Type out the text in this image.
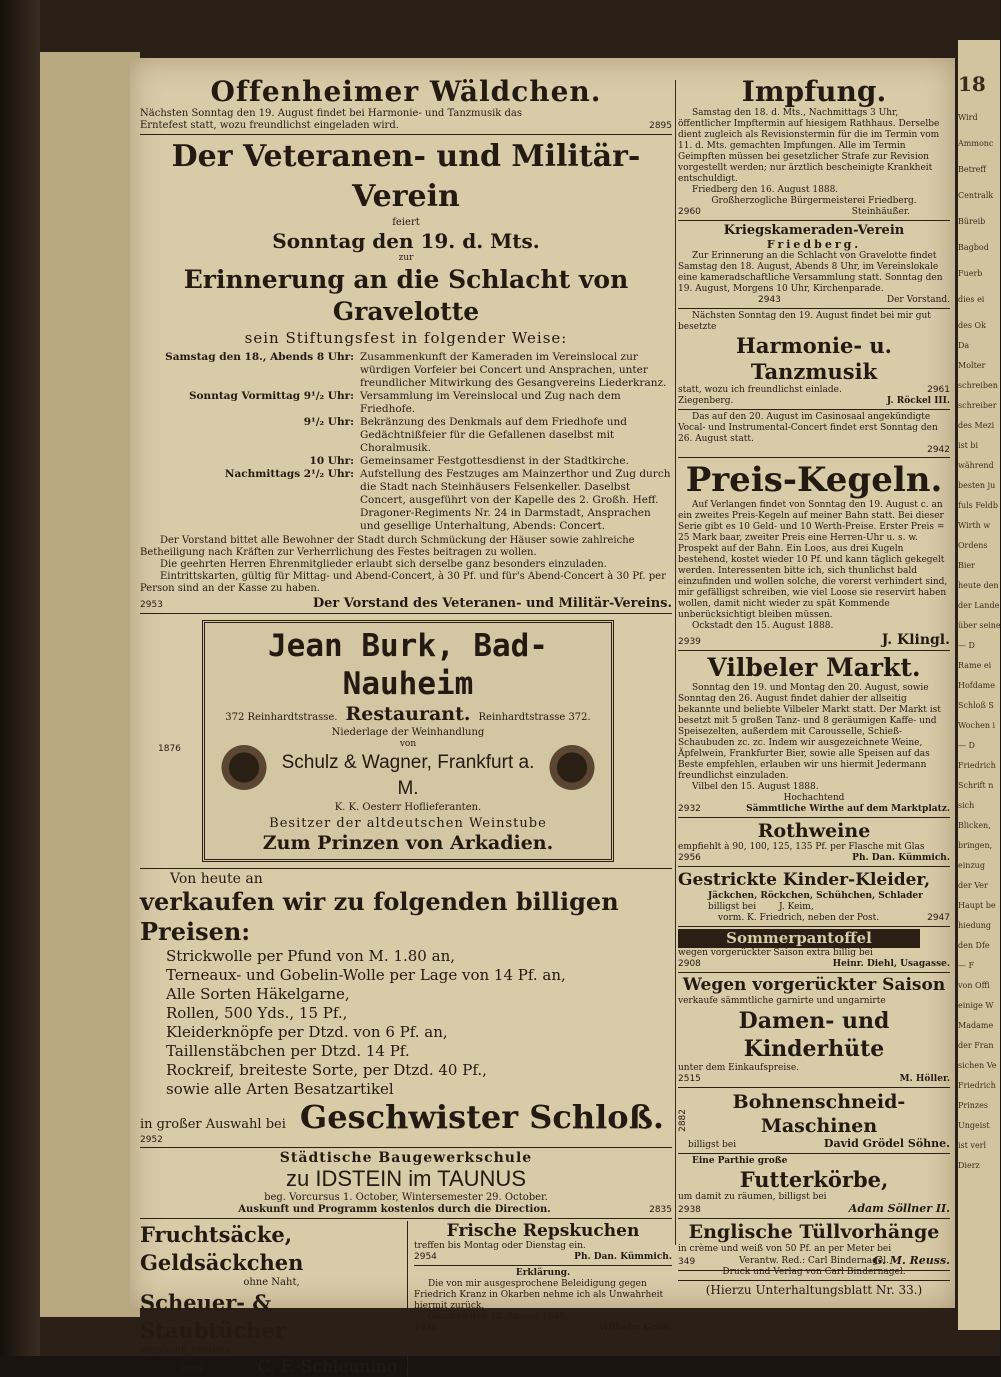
18
Wird
Ammonc
Betreff
Centralk
Büreib
Bagbod
Fuerb
dies ei
des Ok
Da
Molter
schreiben
schreiber
des Mezi
ist bi
während
besten ju
fuls Feldb
Wirth w
Ordens
Bier
heute den
der Lande
über seine
— D
Rame ei
Hofdame
Schloß S
Wochen i
— D
Friedrich
Schrift n
sich
Blicken,
bringen,
einzug
der Ver
Haupt be
hiedung
den Dfe
— F
von Offi
einige W
Madame
der Fran
sichen Ve
Friedrich
Prinzes
Ungeist
ist verl
Dierz
Offenheimer Wäldchen.
Nächsten Sonntag den 19. August findet bei Harmonie- und Tanzmusik das
Erntefest statt, wozu freundlichst eingeladen wird.	2895
Der Veteranen- und Militär-Verein
feiert
Sonntag den 19. d. Mts.
zur
Erinnerung an die Schlacht von Gravelotte
sein Stiftungsfest in folgender Weise:
Samstag den 18., Abends 8 Uhr: Zusammenkunft der Kameraden im Vereinslocal zur würdigen Vorfeier bei Concert und Ansprachen, unter freundlicher Mitwirkung des Gesangvereins Liederkranz.
Sonntag Vormittag 9¹/₂ Uhr: Versammlung im Vereinslocal und Zug nach dem Friedhofe.
9¹/₂ Uhr: Bekränzung des Denkmals auf dem Friedhofe und Gedächtnißfeier für die Gefallenen daselbst mit Choralmusik.
10 Uhr: Gemeinsamer Festgottesdienst in der Stadtkirche.
Nachmittags 2¹/₂ Uhr: Aufstellung des Festzuges am Mainzerthor und Zug durch die Stadt nach Steinhäusers Felsenkeller. Daselbst Concert, ausgeführt von der Kapelle des 2. Großh. Heff. Dragoner-Regiments Nr. 24 in Darmstadt, Ansprachen und gesellige Unterhaltung, Abends: Concert.
Der Vorstand bittet alle Bewohner der Stadt durch Schmückung der Häuser sowie zahlreiche Betheiligung nach Kräften zur Verherrlichung des Festes beitragen zu wollen.
Die geehrten Herren Ehrenmitglieder erlaubt sich derselbe ganz besonders einzuladen.
Eintrittskarten, gültig für Mittag- und Abend-Concert, à 30 Pf. und für's Abend-Concert à 30 Pf. per Person sind an der Kasse zu haben.
2953	Der Vorstand des Veteranen- und Militär-Vereins.
1876
Jean Burk, Bad-Nauheim
372 Reinhardtstrasse. Restaurant. Reinhardtstrasse 372.
Niederlage der Weinhandlung
von
Schulz & Wagner, Frankfurt a. M.
K. K. Oesterr Hoflieferanten.
Besitzer der altdeutschen Weinstube
Zum Prinzen von Arkadien.
Von heute an
verkaufen wir zu folgenden billigen Preisen:
Strickwolle per Pfund von M. 1.80 an,
Terneaux- und Gobelin-Wolle per Lage von 14 Pf. an,
Alle Sorten Häkelgarne,
Rollen, 500 Yds., 15 Pf.,
Kleiderknöpfe per Dtzd. von 6 Pf. an,
Taillenstäbchen per Dtzd. 14 Pf.
Rockreif, breiteste Sorte, per Dtzd. 40 Pf.,
sowie alle Arten Besatzartikel
in großer Auswahl bei Geschwister Schloß.
2952
Städtische Baugewerkschule
zu IDSTEIN im TAUNUS
beg. Vorcursus 1. October, Wintersemester 29. October.
Auskunft und Programm kostenlos durch die Direction.	2835
Fruchtsäcke, Geldsäckchen
ohne Naht,
Scheuer- & Staubtücher
empfiehlt bestens
2088	C. F. Schleuning.
Frische Repskuchen
treffen bis Montag oder Dienstag ein.
2954	Ph. Dan. Kümmich.
Erklärung.
Die von mir ausgesprochene Beleidigung gegen Friedrich Kranz in Okarben nehme ich als Unwahrheit hiermit zurück.
Okarben den 12. August 1888.
2936	Wilhelm Groh.
Impfung.
Samstag den 18. d. Mts., Nachmittags 3 Uhr, öffentlicher Impftermin auf hiesigem Rathhaus. Derselbe dient zugleich als Revisionstermin für die im Termin vom 11. d. Mts. gemachten Impfungen. Alle im Termin Geimpften müssen bei gesetzlicher Strafe zur Revision vorgestellt werden; nur ärztlich bescheinigte Krankheit entschuldigt.
Friedberg den 16. August 1888.
Großherzogliche Bürgermeisterei Friedberg.
2960	Steinhäußer.
Kriegskameraden-Verein
Friedberg.
Zur Erinnerung an die Schlacht von Gravelotte findet Samstag den 18. August, Abends 8 Uhr, im Vereinslokale eine kameradschaftliche Versammlung statt. Sonntag den 19. August, Morgens 10 Uhr, Kirchenparade.
2943	Der Vorstand.
Nächsten Sonntag den 19. August findet bei mir gut besetzte
Harmonie- u. Tanzmusik
statt, wozu ich freundlichst einlade.	2961
Ziegenberg.	J. Röckel III.
Das auf den 20. August im Casinosaal angekündigte Vocal- und Instrumental-Concert findet erst Sonntag den 26. August statt.
2942
Preis-Kegeln.
Auf Verlangen findet von Sonntag den 19. August c. an ein zweites Preis-Kegeln auf meiner Bahn statt. Bei dieser Serie gibt es 10 Geld- und 10 Werth-Preise. Erster Preis = 25 Mark baar, zweiter Preis eine Herren-Uhr u. s. w. Prospekt auf der Bahn. Ein Loos, aus drei Kugeln bestehend, kostet wieder 10 Pf. und kann täglich gekegelt werden. Interessenten bitte ich, sich thunlichst bald einzufinden und wollen solche, die vorerst verhindert sind, mir gefälligst schreiben, wie viel Loose sie reservirt haben wollen, damit nicht wieder zu spät Kommende unberücksichtigt bleiben müssen.
Ockstadt den 15. August 1888.
2939	J. Klingl.
Vilbeler Markt.
Sonntag den 19. und Montag den 20. August, sowie Sonntag den 26. August findet dahier der allseitig bekannte und beliebte Vilbeler Markt statt. Der Markt ist besetzt mit 5 großen Tanz- und 8 geräumigen Kaffe- und Speisezelten, außerdem mit Carousselle, Schieß- Schaubuden zc. zc. Indem wir ausgezeichnete Weine, Äpfelwein, Frankfurter Bier, sowie alle Speisen auf das Beste empfehlen, erlauben wir uns hiermit Jedermann freundlichst einzuladen.
Vilbel den 15. August 1888.
Hochachtend
2932	Sämmtliche Wirthe auf dem Marktplatz.
Rothweine
empfiehlt à 90, 100, 125, 135 Pf. per Flasche mit Glas
2956	Ph. Dan. Kümmich.
Gestrickte Kinder-Kleider,
Jäckchen, Röckchen, Schühchen, Schlader
billigst bei	J. Keim,
vorm. K. Friedrich, neben der Post.	2947
Sommerpantoffel
wegen vorgerückter Saison extra billig bei
2908	Heinr. Diehl, Usagasse.
Wegen vorgerückter Saison
verkaufe sämmtliche garnirte und ungarnirte
Damen- und Kinderhüte
unter dem Einkaufspreise.
2515	M. Höller.
2882
Bohnenschneid-Maschinen
billigst bei	David Grödel Söhne.
Eine Parthie große
Futterkörbe,
um damit zu räumen, billigst bei
2938	Adam Söllner II.
Englische Tüllvorhänge
in crème und weiß von 50 Pf. an per Meter bei
349	G. M. Reuss.
Verantw. Red.: Carl Bindernagel.
Druck und Verlag von Carl Bindernagel.
(Hierzu Unterhaltungsblatt Nr. 33.)
